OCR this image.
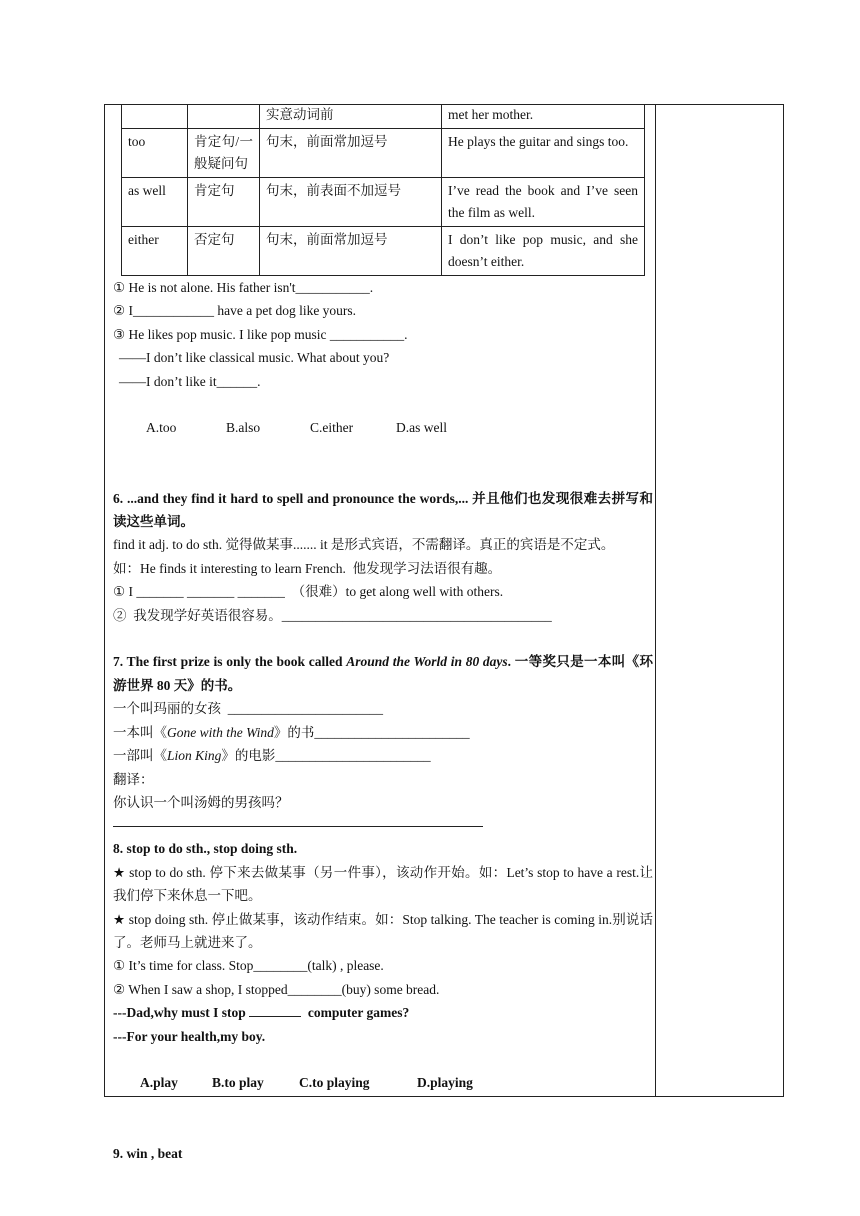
		实意动词前	met her mother.
too	肯定句/一般疑问句	句末，前面常加逗号	He plays the guitar and sings too.
as well	肯定句	句末，前表面不加逗号	I’ve read the book and I’ve seen the film as well.
either	否定句	句末，前面常加逗号	I don’t like pop music, and she doesn’t either.
① He is not alone. His father isn't___________.
② I____________ have a pet dog like yours.
③ He likes pop music. I like pop music ___________.
——I don’t like classical music. What about you?
——I don’t like it______.

A.too	B.also	C.either	D.as well

6. ...and they find it hard to spell and pronounce the words,... 并且他们也发现很难去拼写和读这些单词。
find it adj. to do sth. 觉得做某事....... it 是形式宾语，不需翻译。真正的宾语是不定式。
如：He finds it interesting to learn French.  他发现学习法语很有趣。
① I _______ _______ _______  （很难）to get along well with others.
②  我发现学好英语很容易。________________________________________
7. The first prize is only the book called Around the World in 80 days. 一等奖只是一本叫《环游世界 80 天》的书。
一个叫玛丽的女孩  _______________________
一本叫《Gone with the Wind》的书_______________________
一部叫《Lion King》的电影_______________________
翻译：
你认识一个叫汤姆的男孩吗？
8. stop to do sth., stop doing sth.
★ stop to do sth. 停下来去做某事（另一件事），该动作开始。如：Let’s stop to have a rest.让我们停下来休息一下吧。
★ stop doing sth. 停止做某事，该动作结束。如：Stop talking. The teacher is coming in.别说话了。老师马上就进来了。
① It’s time for class. Stop________(talk) , please.
② When I saw a shop, I stopped________(buy) some bread.
---Dad,why must I stop	computer games?
---For your health,my boy.

A.play	B.to play	C.to playing	D.playing

9. win , beat
